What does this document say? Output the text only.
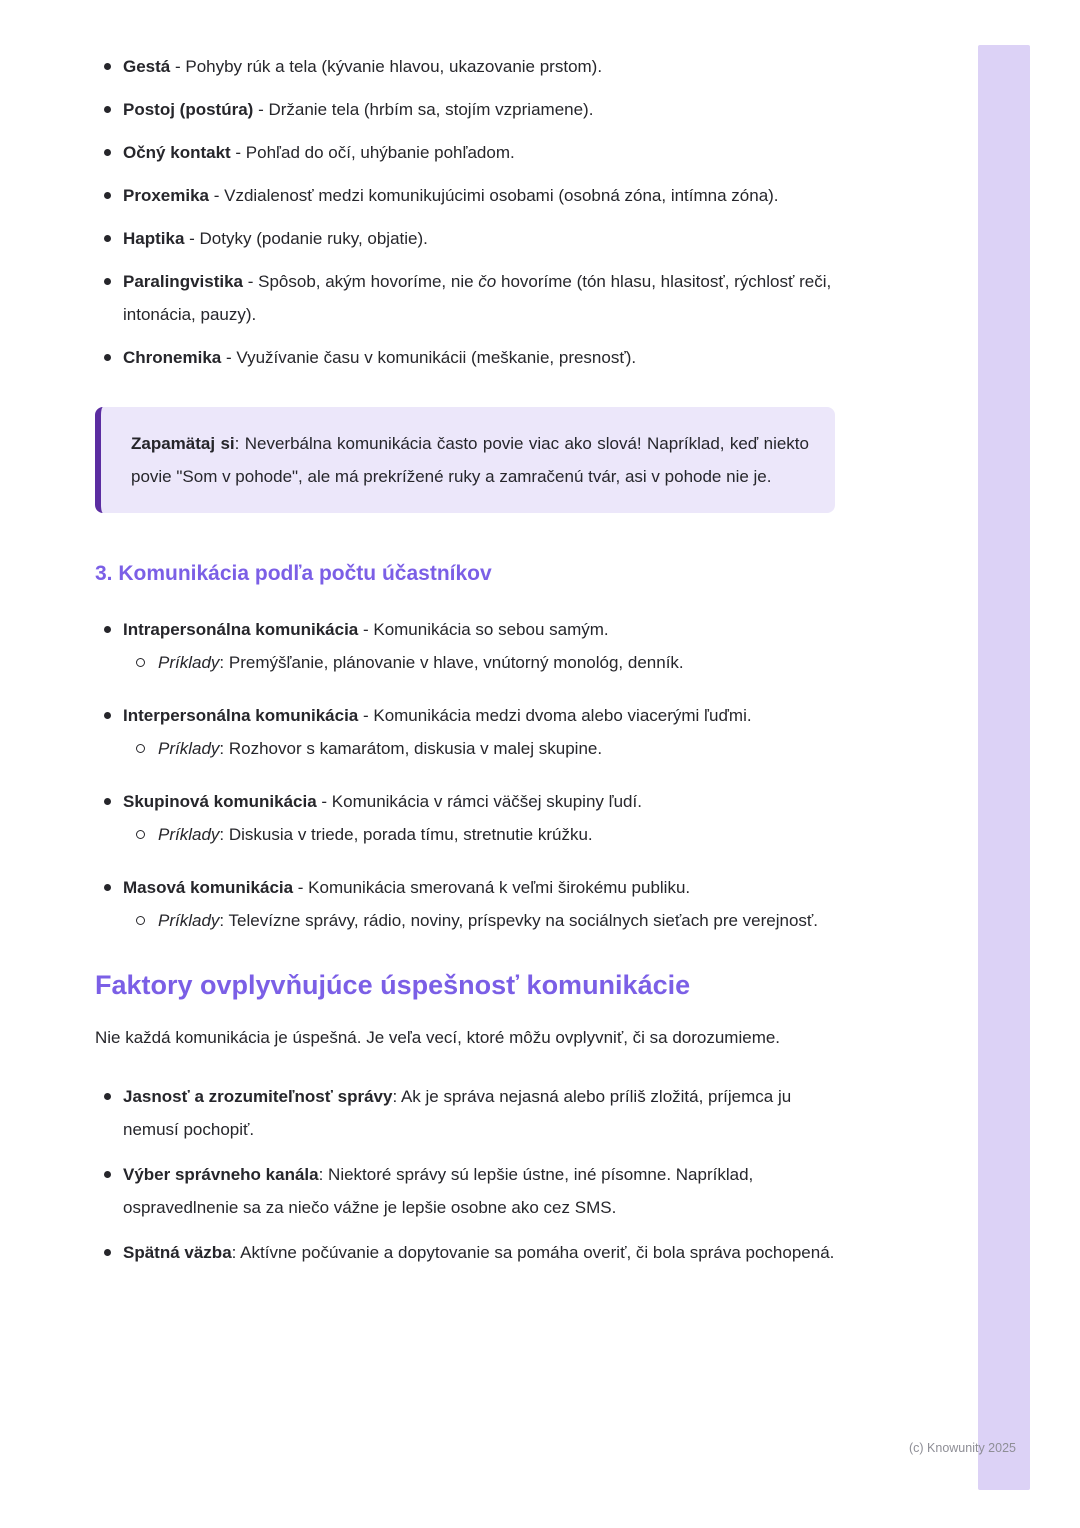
Gestá - Pohyby rúk a tela (kývanie hlavou, ukazovanie prstom).
Postoj (postúra) - Držanie tela (hrbím sa, stojím vzpriamene).
Očný kontakt - Pohľad do očí, uhýbanie pohľadom.
Proxemika - Vzdialenosť medzi komunikujúcimi osobami (osobná zóna, intímna zóna).
Haptika - Dotyky (podanie ruky, objatie).
Paralingvistika - Spôsob, akým hovoríme, nie čo hovoríme (tón hlasu, hlasitosť, rýchlosť reči, intonácia, pauzy).
Chronemika - Využívanie času v komunikácii (meškanie, presnosť).
Zapamätaj si: Neverbálna komunikácia často povie viac ako slová! Napríklad, keď niekto povie "Som v pohode", ale má prekrížené ruky a zamračenú tvár, asi v pohode nie je.
3. Komunikácia podľa počtu účastníkov
Intrapersonálna komunikácia - Komunikácia so sebou samým.
Príklady: Premýšľanie, plánovanie v hlave, vnútorný monológ, denník.
Interpersonálna komunikácia - Komunikácia medzi dvoma alebo viacerými ľuďmi.
Príklady: Rozhovor s kamarátom, diskusia v malej skupine.
Skupinová komunikácia - Komunikácia v rámci väčšej skupiny ľudí.
Príklady: Diskusia v triede, porada tímu, stretnutie krúžku.
Masová komunikácia - Komunikácia smerovaná k veľmi širokému publiku.
Príklady: Televízne správy, rádio, noviny, príspevky na sociálnych sieťach pre verejnosť.
Faktory ovplyvňujúce úspešnosť komunikácie

Nie každá komunikácia je úspešná. Je veľa vecí, ktoré môžu ovplyvniť, či sa dorozumieme.

Jasnosť a zrozumiteľnosť správy: Ak je správa nejasná alebo príliš zložitá, príjemca ju nemusí pochopiť.
Výber správneho kanála: Niektoré správy sú lepšie ústne, iné písomne. Napríklad, ospravedlnenie sa za niečo vážne je lepšie osobne ako cez SMS.
Spätná väzba: Aktívne počúvanie a dopytovanie sa pomáha overiť, či bola správa pochopená.
(c) Knowunity 2025
